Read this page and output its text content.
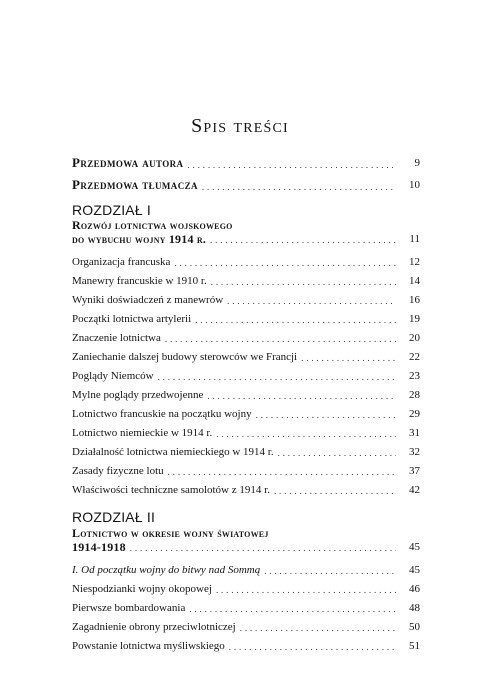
Spis treści
Przedmowa autora . . .	9
Przedmowa tłumacza . . .	10
ROZDZIAŁ I
Rozwój lotnictwa wojskowego
do wybuchu wojny 1914 r. . . .	11
Organizacja francuska . . .	12
Manewry francuskie w 1910 r. . . .	14
Wyniki doświadczeń z manewrów . . .	16
Początki lotnictwa artylerii . . .	19
Znaczenie lotnictwa . . .	20
Zaniechanie dalszej budowy sterowców we Francji . . .	22
Poglądy Niemców . . .	23
Mylne poglądy przedwojenne . . .	28
Lotnictwo francuskie na początku wojny . . .	29
Lotnictwo niemieckie w 1914 r. . . .	31
Działalność lotnictwa niemieckiego w 1914 r. . . .	32
Zasady fizyczne lotu . . .	37
Właściwości techniczne samolotów z 1914 r. . . .	42
ROZDZIAŁ II
Lotnictwo w okresie wojny światowej
1914-1918 . . .	45
I. Od początku wojny do bitwy nad Sommą . . .	45
Niespodzianki wojny okopowej . . .	46
Pierwsze bombardowania . . .	48
Zagadnienie obrony przeciwlotniczej . . .	50
Powstanie lotnictwa myśliwskiego . . .	51
